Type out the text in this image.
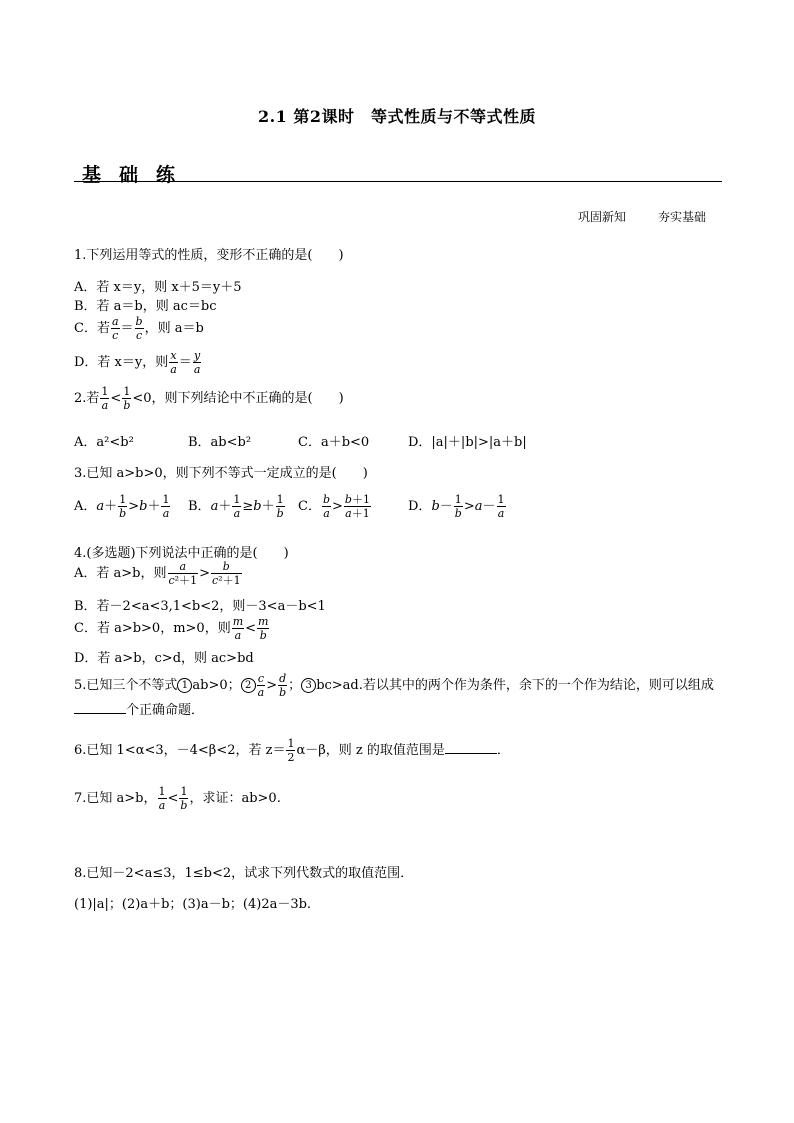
2.1 第2课时　等式性质与不等式性质
基础练
巩固新知	夯实基础
1.下列运用等式的性质，变形不正确的是(　　)
A．若 x＝y，则 x＋5＝y＋5
B．若 a＝b，则 ac＝bc
C．若 $\frac{a}{c} = \frac{b}{c}$ ，则 a＝b
D．若 x＝y，则 $\frac{x}{a} = \frac{y}{a}$
2.若 $\frac{1}{a} < \frac{1}{b} <0$，则下列结论中不正确的是(　　)
A．a²<b²	B．ab<b²	C．a＋b<0	D．|a|＋|b|>|a＋b|
3.已知 a>b>0，则下列不等式一定成立的是(　　)
A．$a+ \frac{1}{b} >b+ \frac{1}{a}$ B．$a+ \frac{1}{a} \ge b+ \frac{1}{b}$ C． $\frac{b}{a} > \frac{b+1}{a+1}$	D．$b- \frac{1}{b} >a- \frac{1}{a}$
4.(多选题)下列说法中正确的是(　　)
A．若 a>b，则 $\frac{a}{\text{c²＋1}} > \frac{b}{\text{c²＋1}}$
B．若－2<a<3,1<b<2，则－3<a－b<1
C．若 a>b>0，m>0，则 $\frac{m}{a} < \frac{m}{b}$
D．若 a>b，c>d，则 ac>bd
5.已知三个不等式 1 ab>0； $2 \frac{c}{a} > \frac{d}{b}$ ； 3 bc>ad.若以其中的两个作为条件，余下的一个作为结论，则可以组成
个正确命题．
6.已知 1<α<3，－4<β<2，若 $z= \frac{1}{2} \alpha-\beta$，则 z 的取值范围是	．
7.已知 a>b， $\frac{1}{a} < \frac{1}{b}$ ，求证：ab>0.
8.已知－2<a≤3，1≤b<2，试求下列代数式的取值范围．
(1)|a|；(2)a＋b；(3)a－b；(4)2a－3b.
